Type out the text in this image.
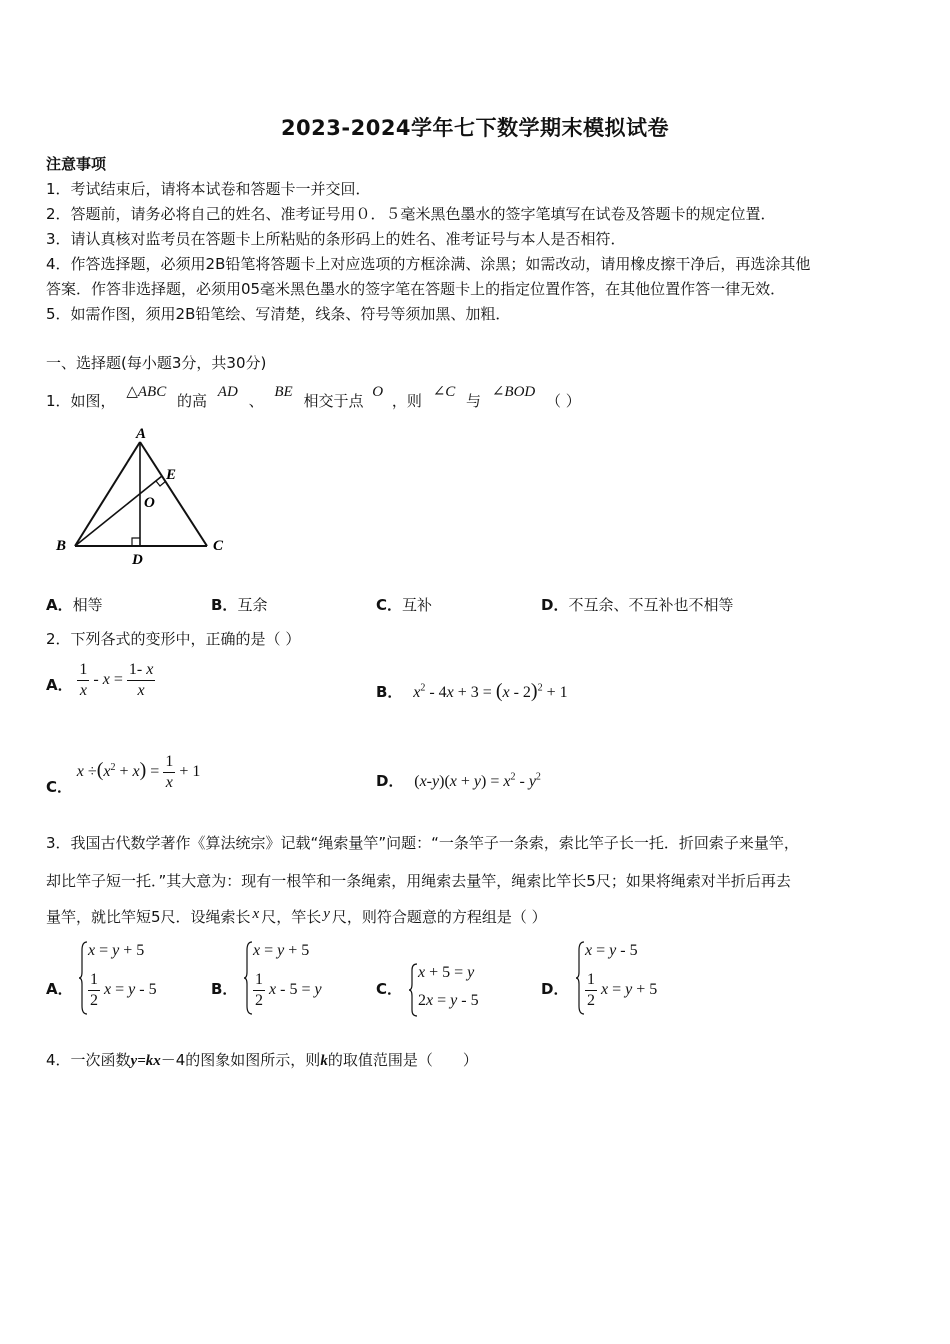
2023-2024学年七下数学期末模拟试卷
注意事项
1．考试结束后，请将本试卷和答题卡一并交回．
2．答题前，请务必将自己的姓名、准考证号用０．５毫米黑色墨水的签字笔填写在试卷及答题卡的规定位置．
3．请认真核对监考员在答题卡上所粘贴的条形码上的姓名、准考证号与本人是否相符．
4．作答选择题，必须用2B铅笔将答题卡上对应选项的方框涂满、涂黑；如需改动，请用橡皮擦干净后，再选涂其他
答案．作答非选择题，必须用05毫米黑色墨水的签字笔在答题卡上的指定位置作答，在其他位置作答一律无效．
5．如需作图，须用2B铅笔绘、写清楚，线条、符号等须加黑、加粗．
一、选择题(每小题3分，共30分)
1．如图， △ABC 的高 AD 、 BE 相交于点 O ，则 ∠C 与 ∠BOD （ ）
A
B	C
D
E
O
A．相等	B．互余	C．互补	D．不互余、不互补也不相等
2．下列各式的变形中，正确的是（ ）
A． $\frac{1}{x} - x = \frac{1- x}{x}$	B． $x^2 - 4x + 3 = (x - 2)^2 + 1$
C． $x \div(x^2 + x) = \frac{1}{x} + 1$
D． $(x-y)(x + y) = x^2 - y^2$
3．我国古代数学著作《算法统宗》记载“绳索量竿”问题：“一条竿子一条索，索比竿子长一托．折回索子来量竿，
却比竿子短一托．”其大意为：现有一根竿和一条绳索，用绳索去量竿，绳索比竿长5尺；如果将绳索对半折后再去
量竿，就比竿短5尺．设绳索长 x 尺，竿长 y 尺，则符合题意的方程组是（ ）
A．
x = y + 5
$\frac{1}{2}$ x = y - 5	B．
x = y + 5
$\frac{1}{2}$ x - 5 = y	C．
x + 5 = y
2x = y - 5
D．
x = y - 5
$\frac{1}{2}$ x = y + 5
4．一次函数y=kx－4的图象如图所示，则k的取值范围是（　　）
